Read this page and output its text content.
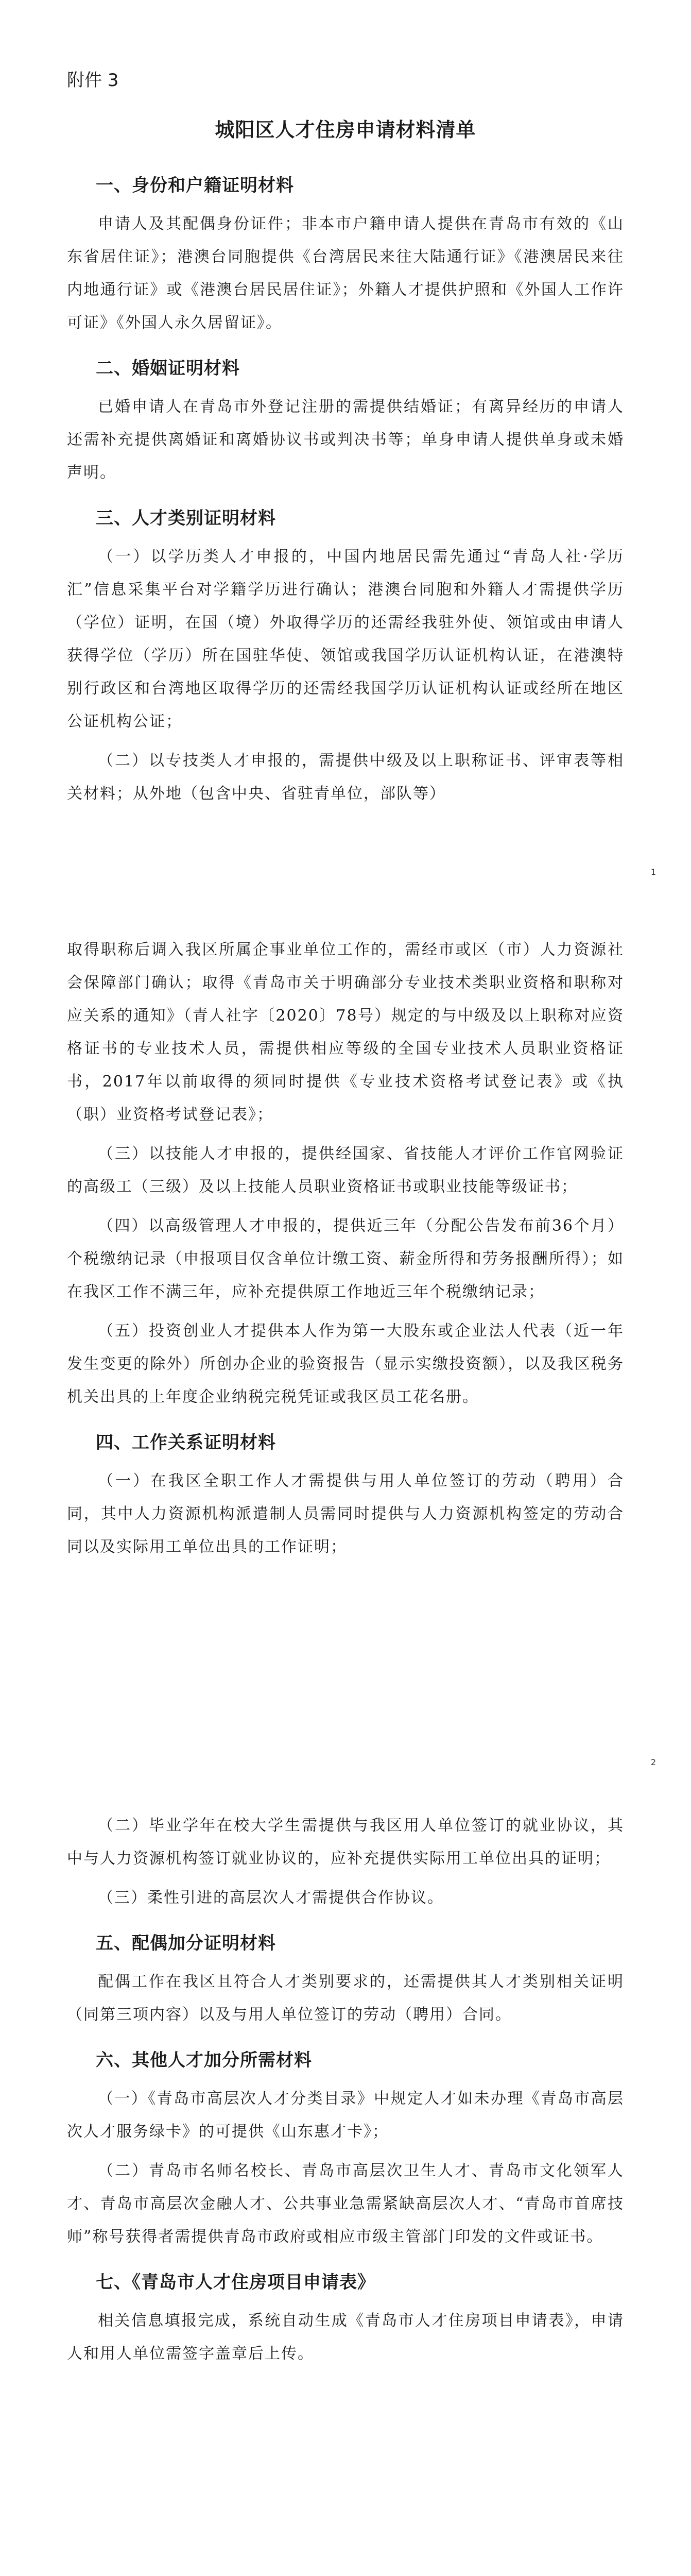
附件 3
城阳区人才住房申请材料清单
一、身份和户籍证明材料

申请人及其配偶身份证件；非本市户籍申请人提供在青岛市有效的《山东省居住证》；港澳台同胞提供《台湾居民来往大陆通行证》《港澳居民来往内地通行证》或《港澳台居民居住证》；外籍人才提供护照和《外国人工作许可证》《外国人永久居留证》。

二、婚姻证明材料

已婚申请人在青岛市外登记注册的需提供结婚证；有离异经历的申请人还需补充提供离婚证和离婚协议书或判决书等；单身申请人提供单身或未婚声明。

三、人才类别证明材料

（一）以学历类人才申报的，中国内地居民需先通过“青岛人社·学历汇”信息采集平台对学籍学历进行确认；港澳台同胞和外籍人才需提供学历（学位）证明，在国（境）外取得学历的还需经我驻外使、领馆或由申请人获得学位（学历）所在国驻华使、领馆或我国学历认证机构认证，在港澳特别行政区和台湾地区取得学历的还需经我国学历认证机构认证或经所在地区公证机构公证；

（二）以专技类人才申报的，需提供中级及以上职称证书、评审表等相关材料；从外地（包含中央、省驻青单位，部队等）

1

取得职称后调入我区所属企事业单位工作的，需经市或区（市）人力资源社会保障部门确认；取得《青岛市关于明确部分专业技术类职业资格和职称对应关系的通知》（青人社字〔2020〕78号）规定的与中级及以上职称对应资格证书的专业技术人员，需提供相应等级的全国专业技术人员职业资格证书，2017年以前取得的须同时提供《专业技术资格考试登记表》或《执（职）业资格考试登记表》；

（三）以技能人才申报的，提供经国家、省技能人才评价工作官网验证的高级工（三级）及以上技能人员职业资格证书或职业技能等级证书；

（四）以高级管理人才申报的，提供近三年（分配公告发布前36个月）个税缴纳记录（申报项目仅含单位计缴工资、薪金所得和劳务报酬所得）；如在我区工作不满三年，应补充提供原工作地近三年个税缴纳记录；

（五）投资创业人才提供本人作为第一大股东或企业法人代表（近一年发生变更的除外）所创办企业的验资报告（显示实缴投资额），以及我区税务机关出具的上年度企业纳税完税凭证或我区员工花名册。

四、工作关系证明材料

（一）在我区全职工作人才需提供与用人单位签订的劳动（聘用）合同，其中人力资源机构派遣制人员需同时提供与人力资源机构签定的劳动合同以及实际用工单位出具的工作证明；

2

（二）毕业学年在校大学生需提供与我区用人单位签订的就业协议，其中与人力资源机构签订就业协议的，应补充提供实际用工单位出具的证明；

（三）柔性引进的高层次人才需提供合作协议。

五、配偶加分证明材料

配偶工作在我区且符合人才类别要求的，还需提供其人才类别相关证明（同第三项内容）以及与用人单位签订的劳动（聘用）合同。

六、其他人才加分所需材料

（一）《青岛市高层次人才分类目录》中规定人才如未办理《青岛市高层次人才服务绿卡》的可提供《山东惠才卡》；

（二）青岛市名师名校长、青岛市高层次卫生人才、青岛市文化领军人才、青岛市高层次金融人才、公共事业急需紧缺高层次人才、“青岛市首席技师”称号获得者需提供青岛市政府或相应市级主管部门印发的文件或证书。

七、《青岛市人才住房项目申请表》

相关信息填报完成，系统自动生成《青岛市人才住房项目申请表》，申请人和用人单位需签字盖章后上传。
